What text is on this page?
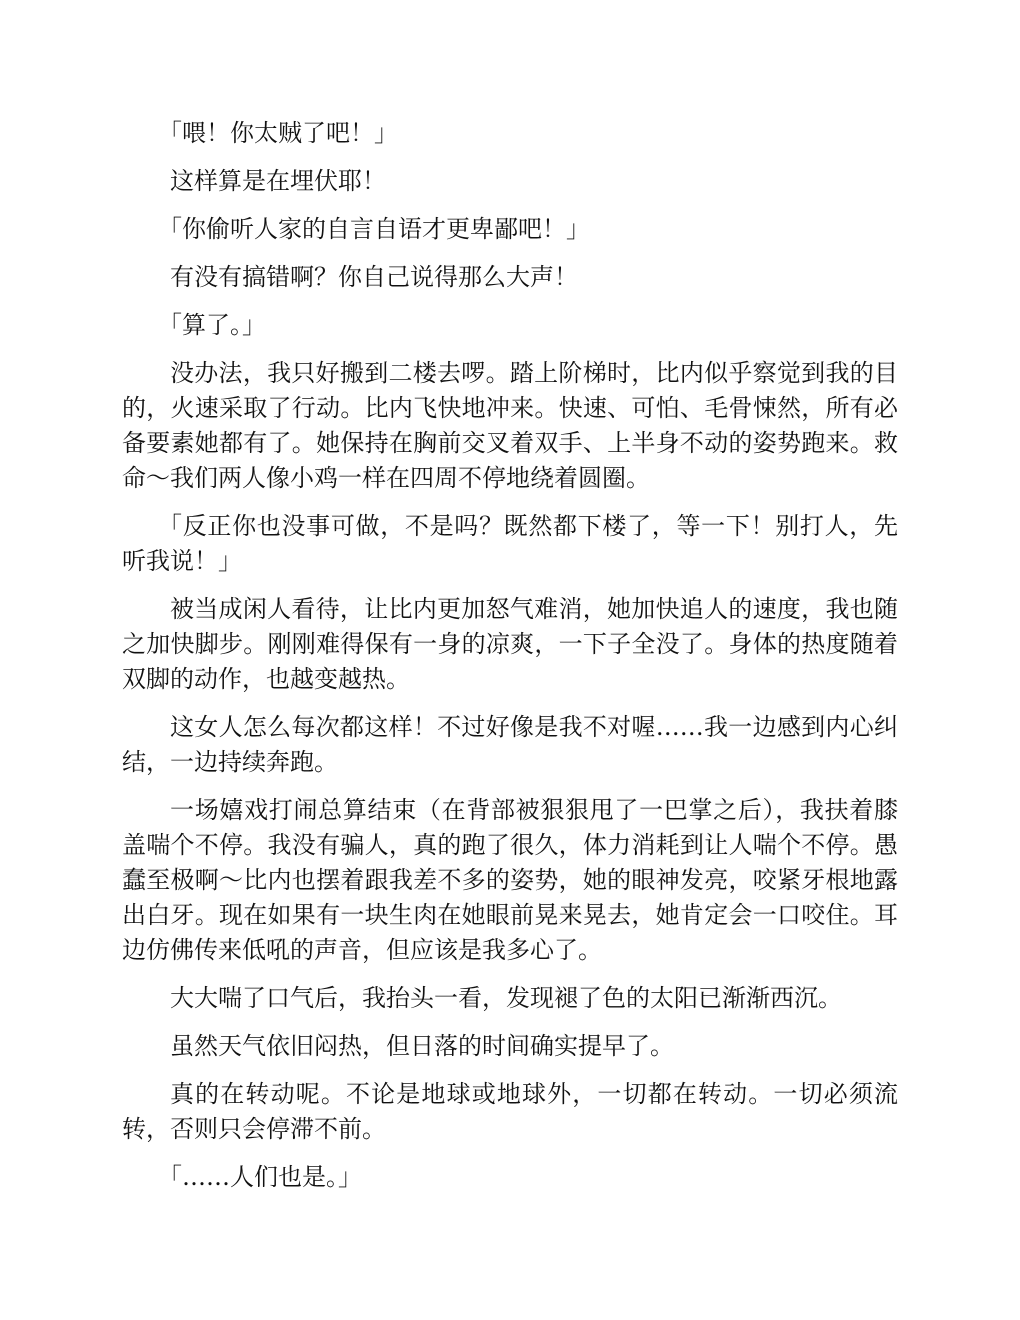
「喂！你太贼了吧！」

这样算是在埋伏耶！

「你偷听人家的自言自语才更卑鄙吧！」

有没有搞错啊？你自己说得那么大声！

「算了。」

没办法，我只好搬到二楼去啰。踏上阶梯时，比内似乎察觉到我的目的，火速采取了行动。比内飞快地冲来。快速、可怕、毛骨悚然，所有必备要素她都有了。她保持在胸前交叉着双手、上半身不动的姿势跑来。救命～我们两人像小鸡一样在四周不停地绕着圆圈。

「反正你也没事可做，不是吗？既然都下楼了，等一下！别打人，先听我说！」

被当成闲人看待，让比内更加怒气难消，她加快追人的速度，我也随之加快脚步。刚刚难得保有一身的凉爽，一下子全没了。身体的热度随着双脚的动作，也越变越热。

这女人怎么每次都这样！不过好像是我不对喔……我一边感到内心纠结，一边持续奔跑。

一场嬉戏打闹总算结束（在背部被狠狠甩了一巴掌之后），我扶着膝盖喘个不停。我没有骗人，真的跑了很久，体力消耗到让人喘个不停。愚蠢至极啊～比内也摆着跟我差不多的姿势，她的眼神发亮，咬紧牙根地露出白牙。现在如果有一块生肉在她眼前晃来晃去，她肯定会一口咬住。耳边仿佛传来低吼的声音，但应该是我多心了。

大大喘了口气后，我抬头一看，发现褪了色的太阳已渐渐西沉。

虽然天气依旧闷热，但日落的时间确实提早了。

真的在转动呢。不论是地球或地球外，一切都在转动。一切必须流转，否则只会停滞不前。

「……人们也是。」
